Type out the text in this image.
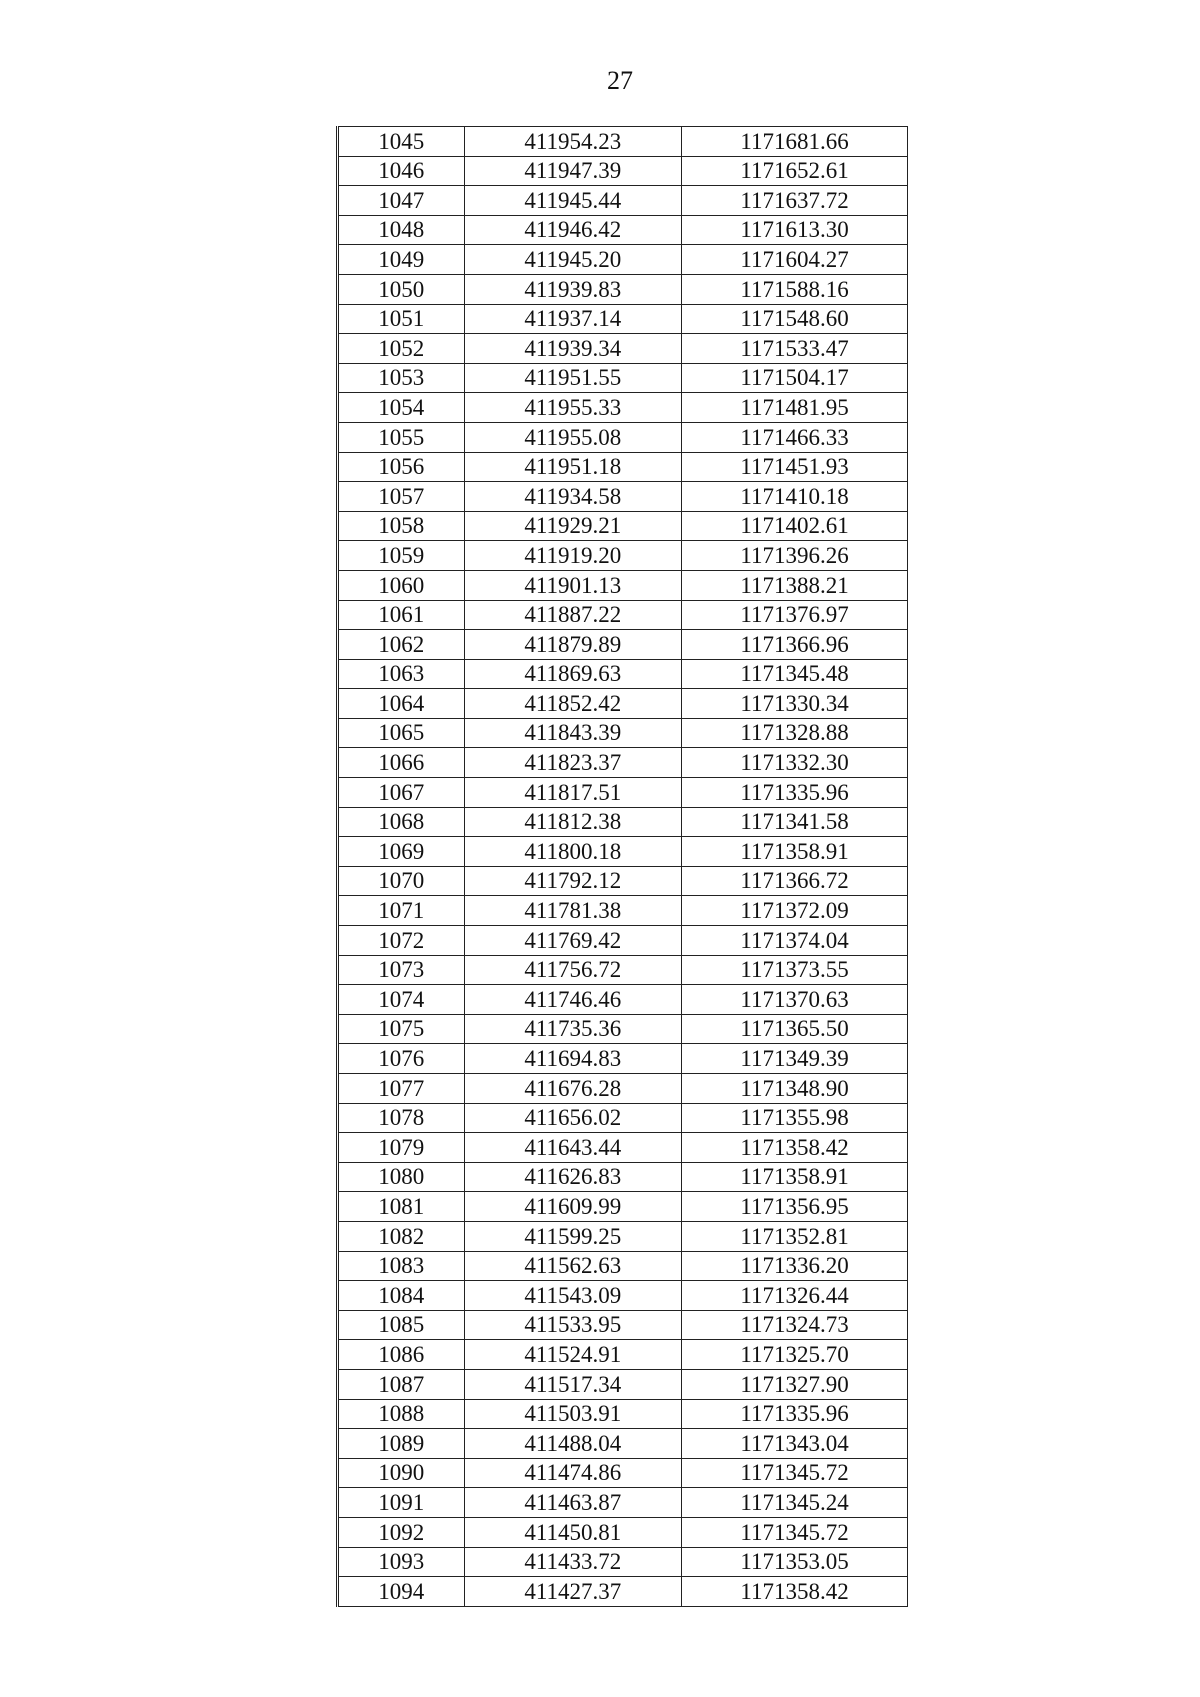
27
1045	411954.23	1171681.66
1046	411947.39	1171652.61
1047	411945.44	1171637.72
1048	411946.42	1171613.30
1049	411945.20	1171604.27
1050	411939.83	1171588.16
1051	411937.14	1171548.60
1052	411939.34	1171533.47
1053	411951.55	1171504.17
1054	411955.33	1171481.95
1055	411955.08	1171466.33
1056	411951.18	1171451.93
1057	411934.58	1171410.18
1058	411929.21	1171402.61
1059	411919.20	1171396.26
1060	411901.13	1171388.21
1061	411887.22	1171376.97
1062	411879.89	1171366.96
1063	411869.63	1171345.48
1064	411852.42	1171330.34
1065	411843.39	1171328.88
1066	411823.37	1171332.30
1067	411817.51	1171335.96
1068	411812.38	1171341.58
1069	411800.18	1171358.91
1070	411792.12	1171366.72
1071	411781.38	1171372.09
1072	411769.42	1171374.04
1073	411756.72	1171373.55
1074	411746.46	1171370.63
1075	411735.36	1171365.50
1076	411694.83	1171349.39
1077	411676.28	1171348.90
1078	411656.02	1171355.98
1079	411643.44	1171358.42
1080	411626.83	1171358.91
1081	411609.99	1171356.95
1082	411599.25	1171352.81
1083	411562.63	1171336.20
1084	411543.09	1171326.44
1085	411533.95	1171324.73
1086	411524.91	1171325.70
1087	411517.34	1171327.90
1088	411503.91	1171335.96
1089	411488.04	1171343.04
1090	411474.86	1171345.72
1091	411463.87	1171345.24
1092	411450.81	1171345.72
1093	411433.72	1171353.05
1094	411427.37	1171358.42
